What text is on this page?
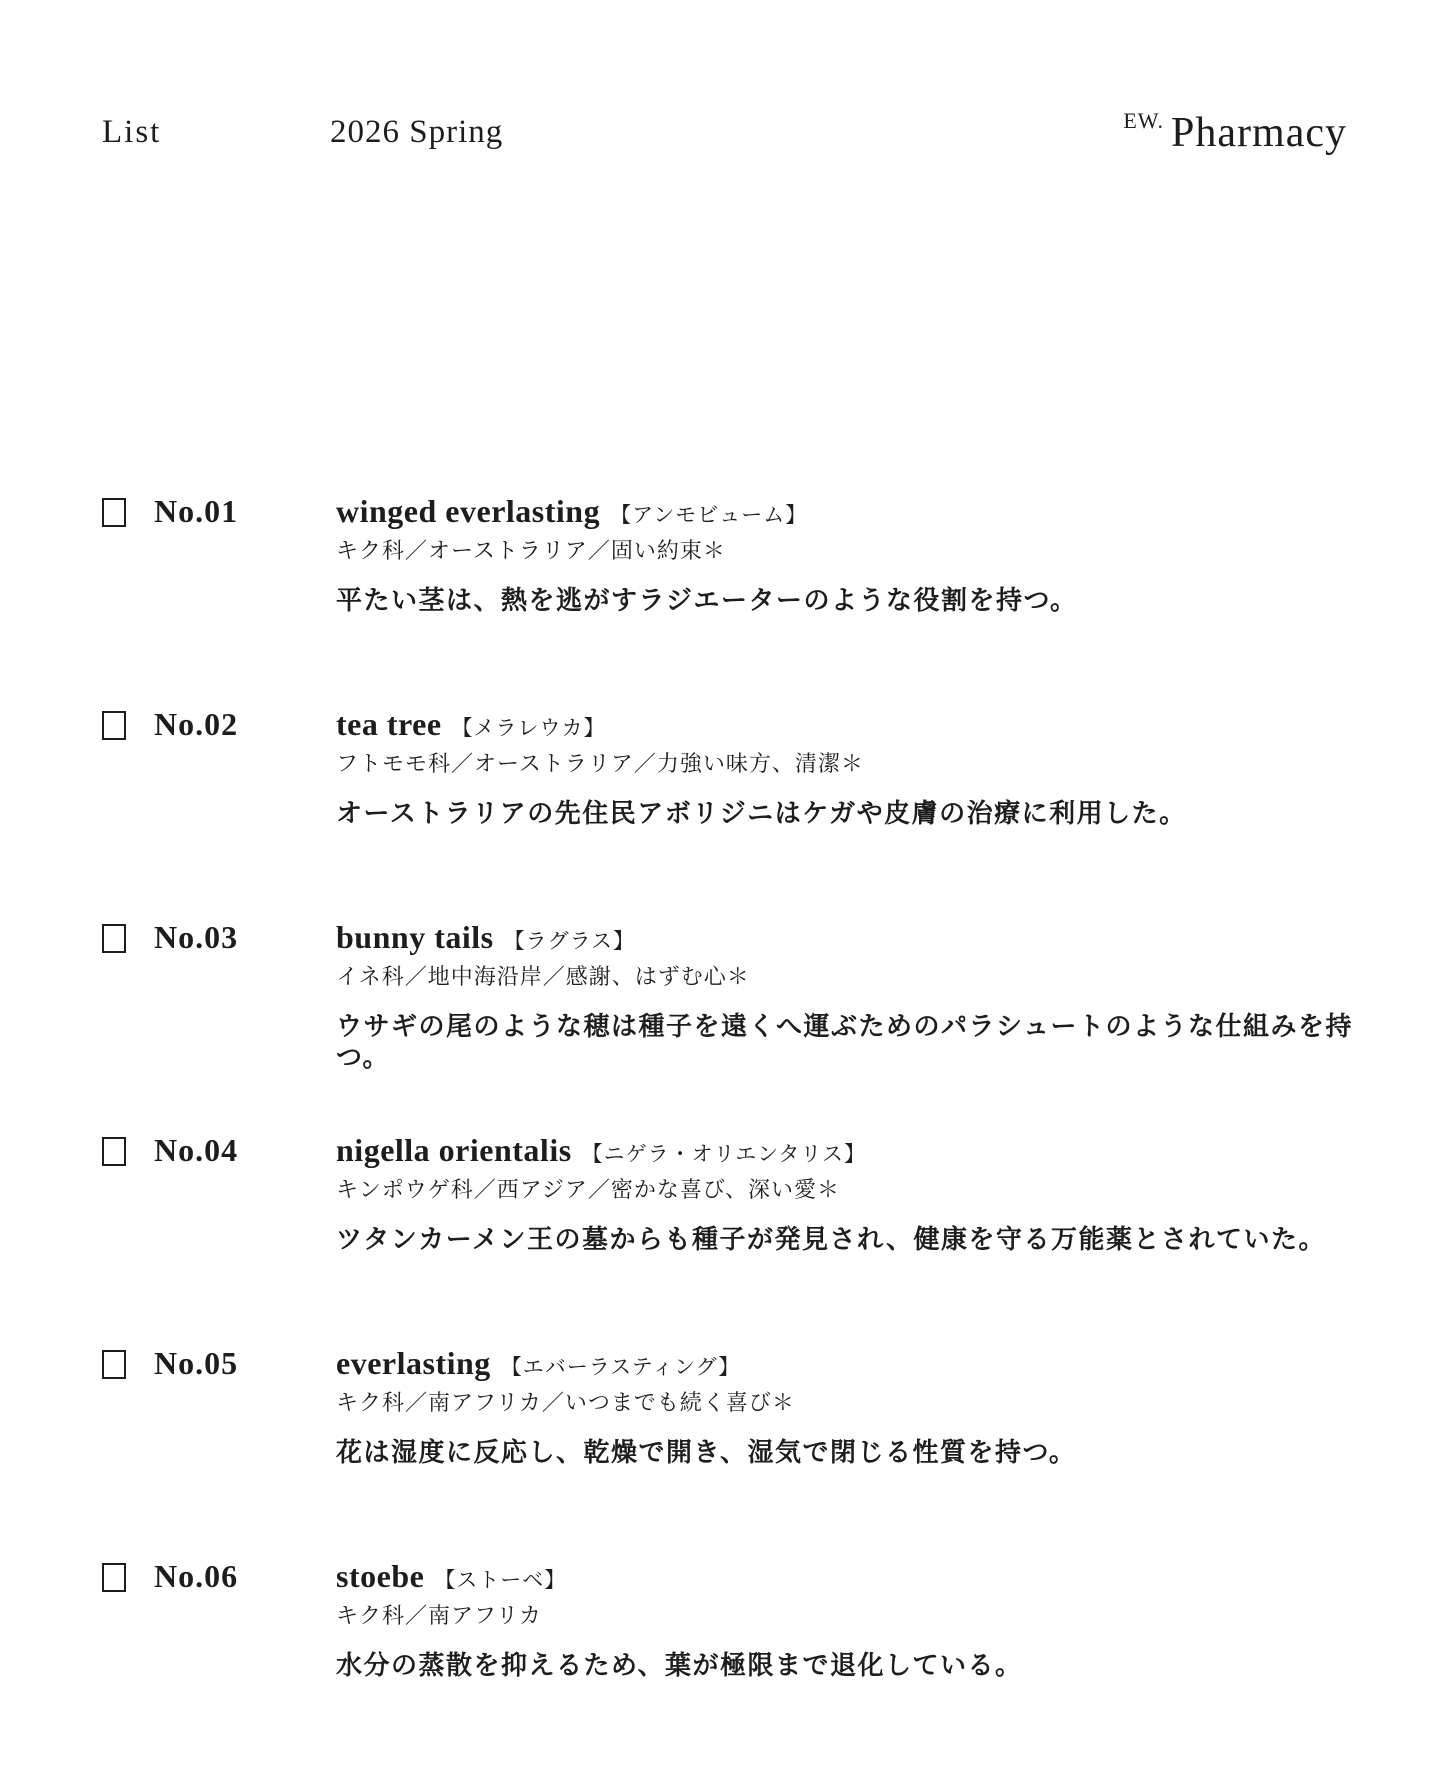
List	2026 Spring	EW. Pharmacy
No.01	winged everlasting 【アンモビューム】

キク科／オーストラリア／固い約束＊

平たい茎は、熱を逃がすラジエーターのような役割を持つ。

No.02	tea tree 【メラレウカ】

フトモモ科／オーストラリア／力強い味方、清潔＊

オーストラリアの先住民アボリジニはケガや皮膚の治療に利用した。

No.03	bunny tails 【ラグラス】

イネ科／地中海沿岸／感謝、はずむ心＊

ウサギの尾のような穂は種子を遠くへ運ぶためのパラシュートのような仕組みを持つ。

No.04	nigella orientalis 【ニゲラ・オリエンタリス】

キンポウゲ科／西アジア／密かな喜び、深い愛＊

ツタンカーメン王の墓からも種子が発見され、健康を守る万能薬とされていた。

No.05	everlasting 【エバーラスティング】

キク科／南アフリカ／いつまでも続く喜び＊

花は湿度に反応し、乾燥で開き、湿気で閉じる性質を持つ。

No.06	stoebe 【ストーベ】

キク科／南アフリカ

水分の蒸散を抑えるため、葉が極限まで退化している。
